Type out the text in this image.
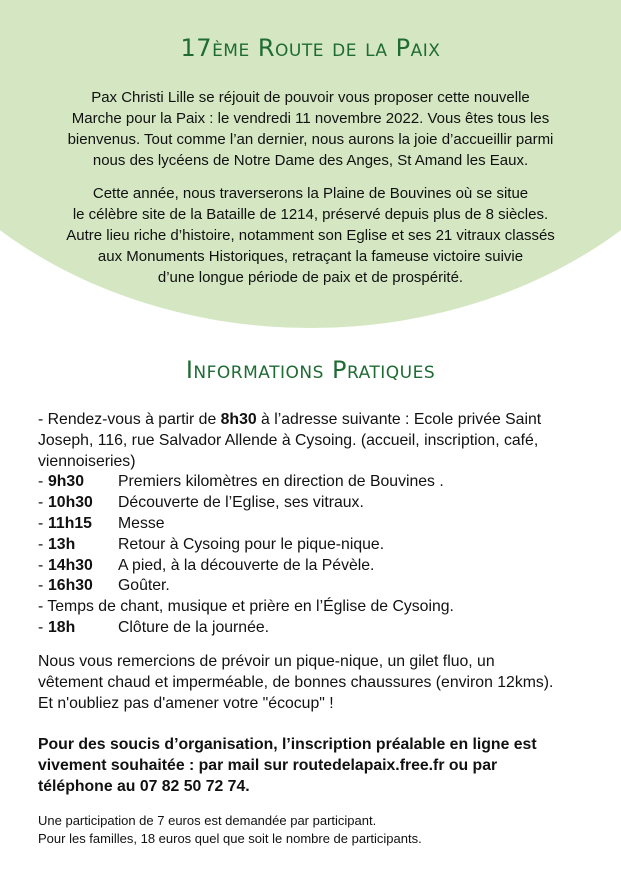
17ème Route de la Paix

Pax Christi Lille se réjouit de pouvoir vous proposer cette nouvelle
Marche pour la Paix : le vendredi 11 novembre 2022. Vous êtes tous les
bienvenus. Tout comme l’an dernier, nous aurons la joie d’accueillir parmi
nous des lycéens de Notre Dame des Anges, St Amand les Eaux.

Cette année, nous traverserons la Plaine de Bouvines où se situe
le célèbre site de la Bataille de 1214, préservé depuis plus de 8 siècles.
Autre lieu riche d’histoire, notamment son Eglise et ses 21 vitraux classés
aux Monuments Historiques, retraçant la fameuse victoire suivie
d’une longue période de paix et de prospérité.

Informations Pratiques

- Rendez-vous à partir de 8h30 à l’adresse suivante : Ecole privée Saint Joseph, 116, rue Salvador Allende à Cysoing. (accueil, inscription, café, viennoiseries)

- 9h30	Premiers kilomètres en direction de Bouvines .
- 10h30	Découverte de l’Eglise, ses vitraux.
- 11h15	Messe
- 13h	Retour à Cysoing pour le pique-nique.
- 14h30	A pied, à la découverte de la Pévèle.
- 16h30	Goûter.

- Temps de chant, musique et prière en l’Église de Cysoing.

- 18h	Clôture de la journée.

Nous vous remercions de prévoir un pique-nique, un gilet fluo, un
vêtement chaud et imperméable, de bonnes chaussures (environ 12kms).
Et n'oubliez pas d'amener votre "écocup" !

Pour des soucis d’organisation, l’inscription préalable en ligne est
vivement souhaitée : par mail sur routedelapaix.free.fr ou par
téléphone au 07 82 50 72 74.

Une participation de 7 euros est demandée par participant.
Pour les familles, 18 euros quel que soit le nombre de participants.
